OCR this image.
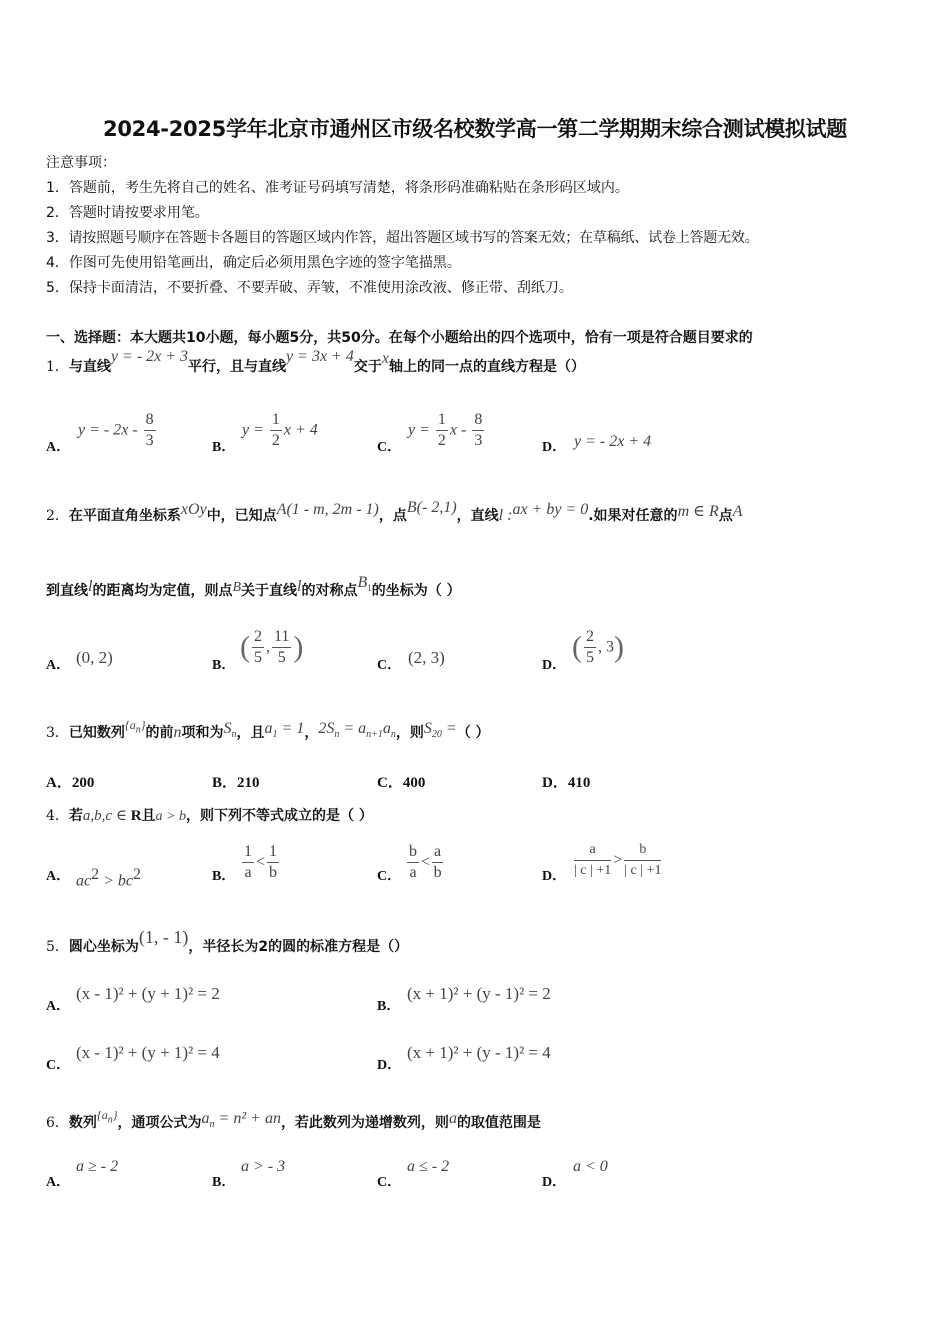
2024-2025学年北京市通州区市级名校数学高一第二学期期末综合测试模拟试题
注意事项：
1．答题前，考生先将自己的姓名、准考证号码填写清楚，将条形码准确粘贴在条形码区域内。
2．答题时请按要求用笔。
3．请按照题号顺序在答题卡各题目的答题区域内作答，超出答题区域书写的答案无效；在草稿纸、试卷上答题无效。
4．作图可先使用铅笔画出，确定后必须用黑色字迹的签字笔描黑。
5．保持卡面清洁，不要折叠、不要弄破、弄皱，不准使用涂改液、修正带、刮纸刀。
一、选择题：本大题共10小题，每小题5分，共50分。在每个小题给出的四个选项中，恰有一项是符合题目要求的
1．与直线y = - 2x + 3平行，且与直线y = 3x + 4交于x轴上的同一点的直线方程是（）
A．
y = - $2x - \frac{8}{3}$	B．
$y = \frac{1}{2}$ x + 4
C．
$y = \frac{1}{2}$ x - $\frac{8}{3}$	D． y = - 2x + 4
2．在平面直角坐标系xOy中，已知点A(1 - m, 2m - 1)，点B(- 2,1)，直线l :ax + by = 0.如果对任意的m ∈ R点A
到直线l的距离均为定值，则点B关于直线l的对称点$B_1$的坐标为（ ）
A． (0, 2)	B．
( $\frac{2}{5}$ , $\frac{11}{5}$ )
C． (2, 3)	D．
( $\frac{2}{5}$ , 3)
3．已知数列$\{a_n\}$的前n项和为$S_n$，且$a_1 = 1$，$2S_n = a_{n+1}a_n$，则$S_{20}$ =（ ）
A．200	B．210	C．400	D．410
4．若a,b,c ∈ R且a > b，则下列不等式成立的是（ ）
A． $ac^2 > bc^2$	B． $\frac{1}{a} < \frac{1}{b}$	C． $\frac{b}{a} < \frac{a}{b}$	D． $\frac{a}{| c | +1} > \frac{b}{| c | +1}$
5．圆心坐标为(1, - 1)，半径长为2的圆的标准方程是（）
A．
(x - 1)² + (y + 1)² = 2
B．
(x + 1)² + (y - 1)² = 2
C．
(x - 1)² + (y + 1)² = 4
D．
(x + 1)² + (y - 1)² = 4
6．数列$\{a_n\}$，通项公式为$a_n = n^2$ + an，若此数列为递增数列，则a的取值范围是
A．
a ≥ - 2
B．
a > - 3
C．
a ≤ - 2
D．
a < 0
